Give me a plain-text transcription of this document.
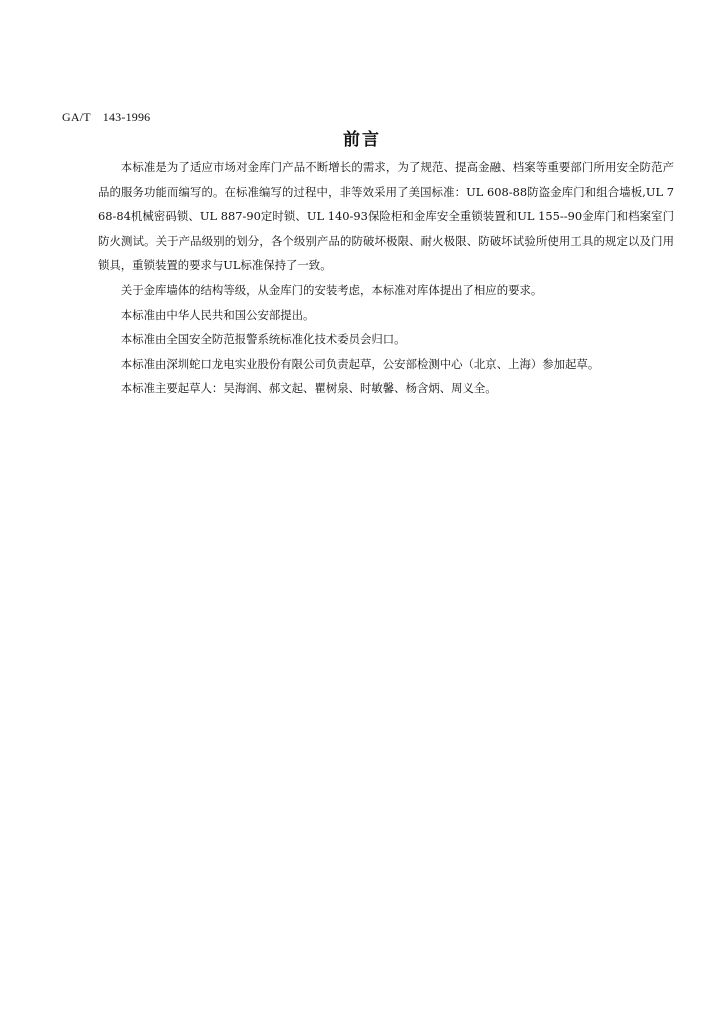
GA/T　143-1996
前言

本标准是为了适应市场对金库门产品不断增长的需求，为了规范、提高金融、档案等重要部门所用安全防范产品的服务功能而编写的。在标准编写的过程中，非等效采用了美国标准：UL 608-88防盗金库门和组合墙板,UL 768-84机械密码锁、UL 887-90定时锁、UL 140-93保险柜和金库安全重锁装置和UL 155--90金库门和档案室门防火测试。关于产品级别的划分，各个级别产品的防破坏极限、耐火极限、防破坏试验所使用工具的规定以及门用锁具，重锁装置的要求与UL标准保持了一致。

关于金库墙体的结构等级，从金库门的安装考虑，本标准对库体提出了相应的要求。

本标准由中华人民共和国公安部提出。

本标准由全国安全防范报警系统标准化技术委员会归口。

本标准由深圳蛇口龙电实业股份有限公司负责起草，公安部检测中心（北京、上海）参加起草。

本标准主要起草人：吴海润、郝文起、瞿树泉、时敏馨、杨含炳、周义全。
